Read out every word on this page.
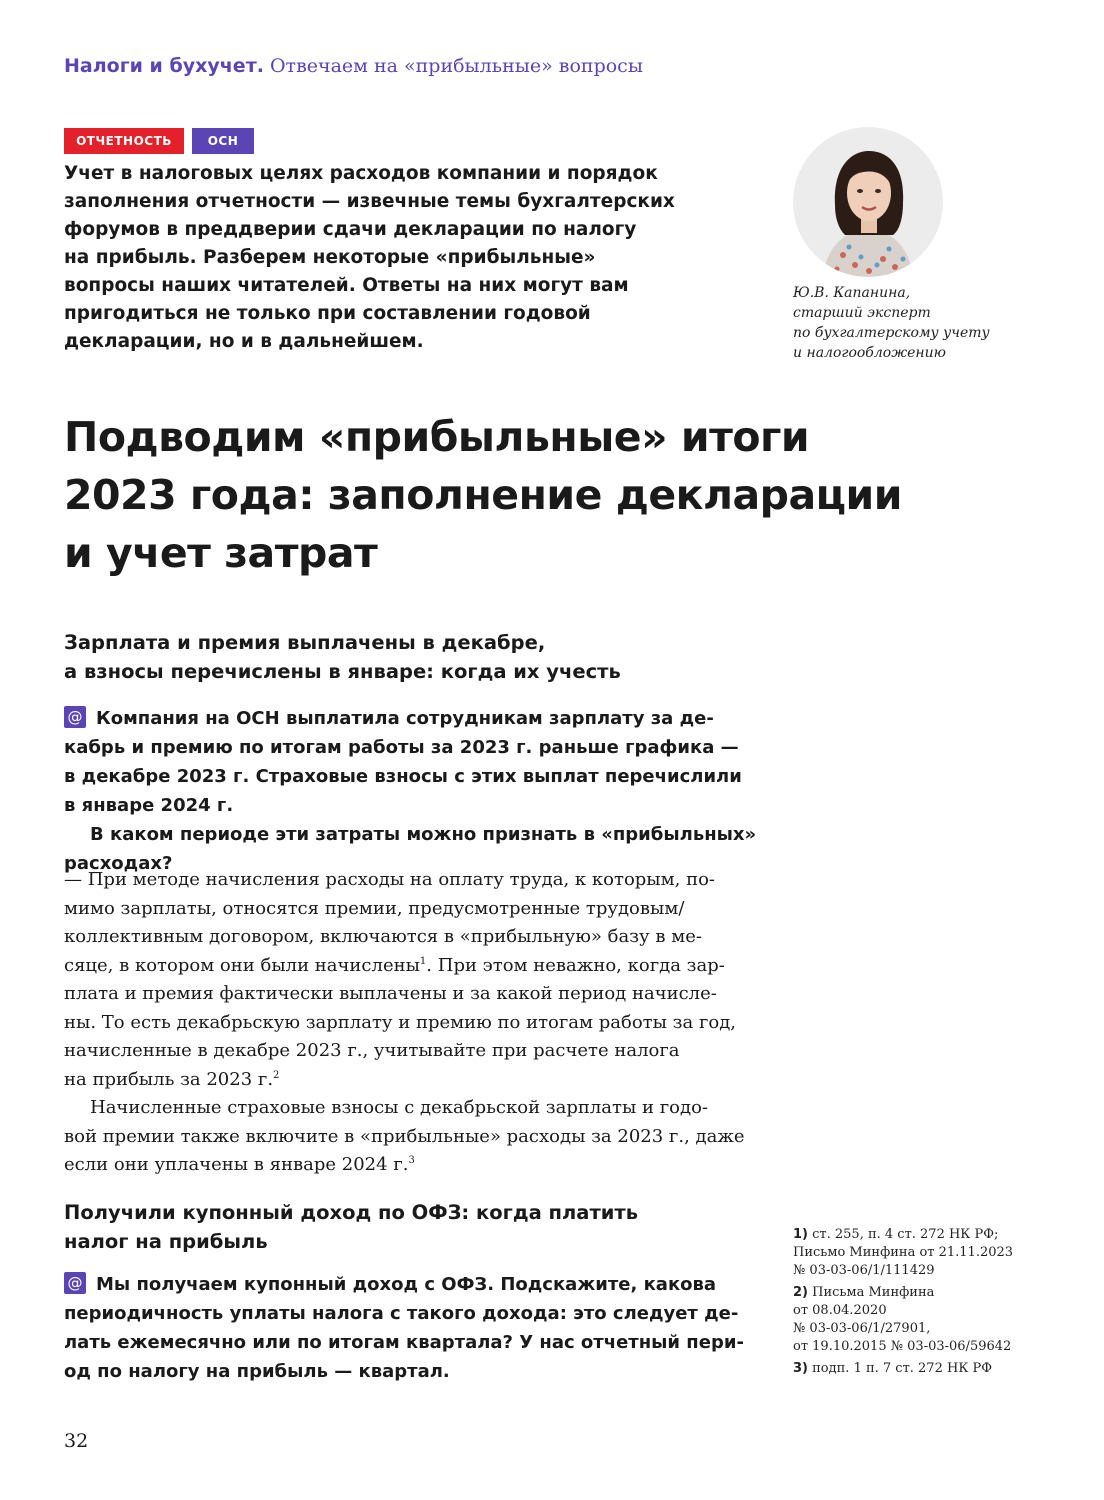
Налоги и бухучет. Отвечаем на «прибыльные» вопросы
ОТЧЕТНОСТЬ	ОСН
Учет в налоговых целях расходов компании и порядок
заполнения отчетности — извечные темы бухгалтерских
форумов в преддверии сдачи декларации по налогу
на прибыль. Разберем некоторые «прибыльные»
вопросы наших читателей. Ответы на них могут вам
пригодиться не только при составлении годовой
декларации, но и в дальнейшем.
Ю.В. Капанина,
старший эксперт
по бухгалтерскому учету
и налогообложению
Подводим «прибыльные» итоги
2023 года: заполнение декларации
и учет затрат
Зарплата и премия выплачены в декабре,
а взносы перечислены в январе: когда их учесть
@ Компания на ОСН выплатила сотрудникам зарплату за де-
кабрь и премию по итогам работы за 2023 г. раньше графика —
в декабре 2023 г. Страховые взносы с этих выплат перечислили
в январе 2024 г.
В каком периоде эти затраты можно признать в «прибыльных»
расходах?
— При методе начисления расходы на оплату труда, к которым, по-
мимо зарплаты, относятся премии, предусмотренные трудовым/
коллективным договором, включаются в «прибыльную» базу в ме-
сяце, в котором они были начислены$^1$. При этом неважно, когда зар-
плата и премия фактически выплачены и за какой период начисле-
ны. То есть декабрьскую зарплату и премию по итогам работы за год,
начисленные в декабре 2023 г., учитывайте при расчете налога
на прибыль за 2023 г.$^2$
Начисленные страховые взносы с декабрьской зарплаты и годо-
вой премии также включите в «прибыльные» расходы за 2023 г., даже
если они уплачены в январе 2024 г.$^3$
Получили купонный доход по ОФЗ: когда платить
налог на прибыль
@ Мы получаем купонный доход с ОФЗ. Подскажите, какова
периодичность уплаты налога с такого дохода: это следует де-
лать ежемесячно или по итогам квартала? У нас отчетный пери-
од по налогу на прибыль — квартал.
1) ст. 255, п. 4 ст. 272 НК РФ;
Письмо Минфина от 21.11.2023
№ 03-03-06/1/111429
2) Письма Минфина
от 08.04.2020
№ 03-03-06/1/27901,
от 19.10.2015 № 03-03-06/59642
3) подп. 1 п. 7 ст. 272 НК РФ
32
